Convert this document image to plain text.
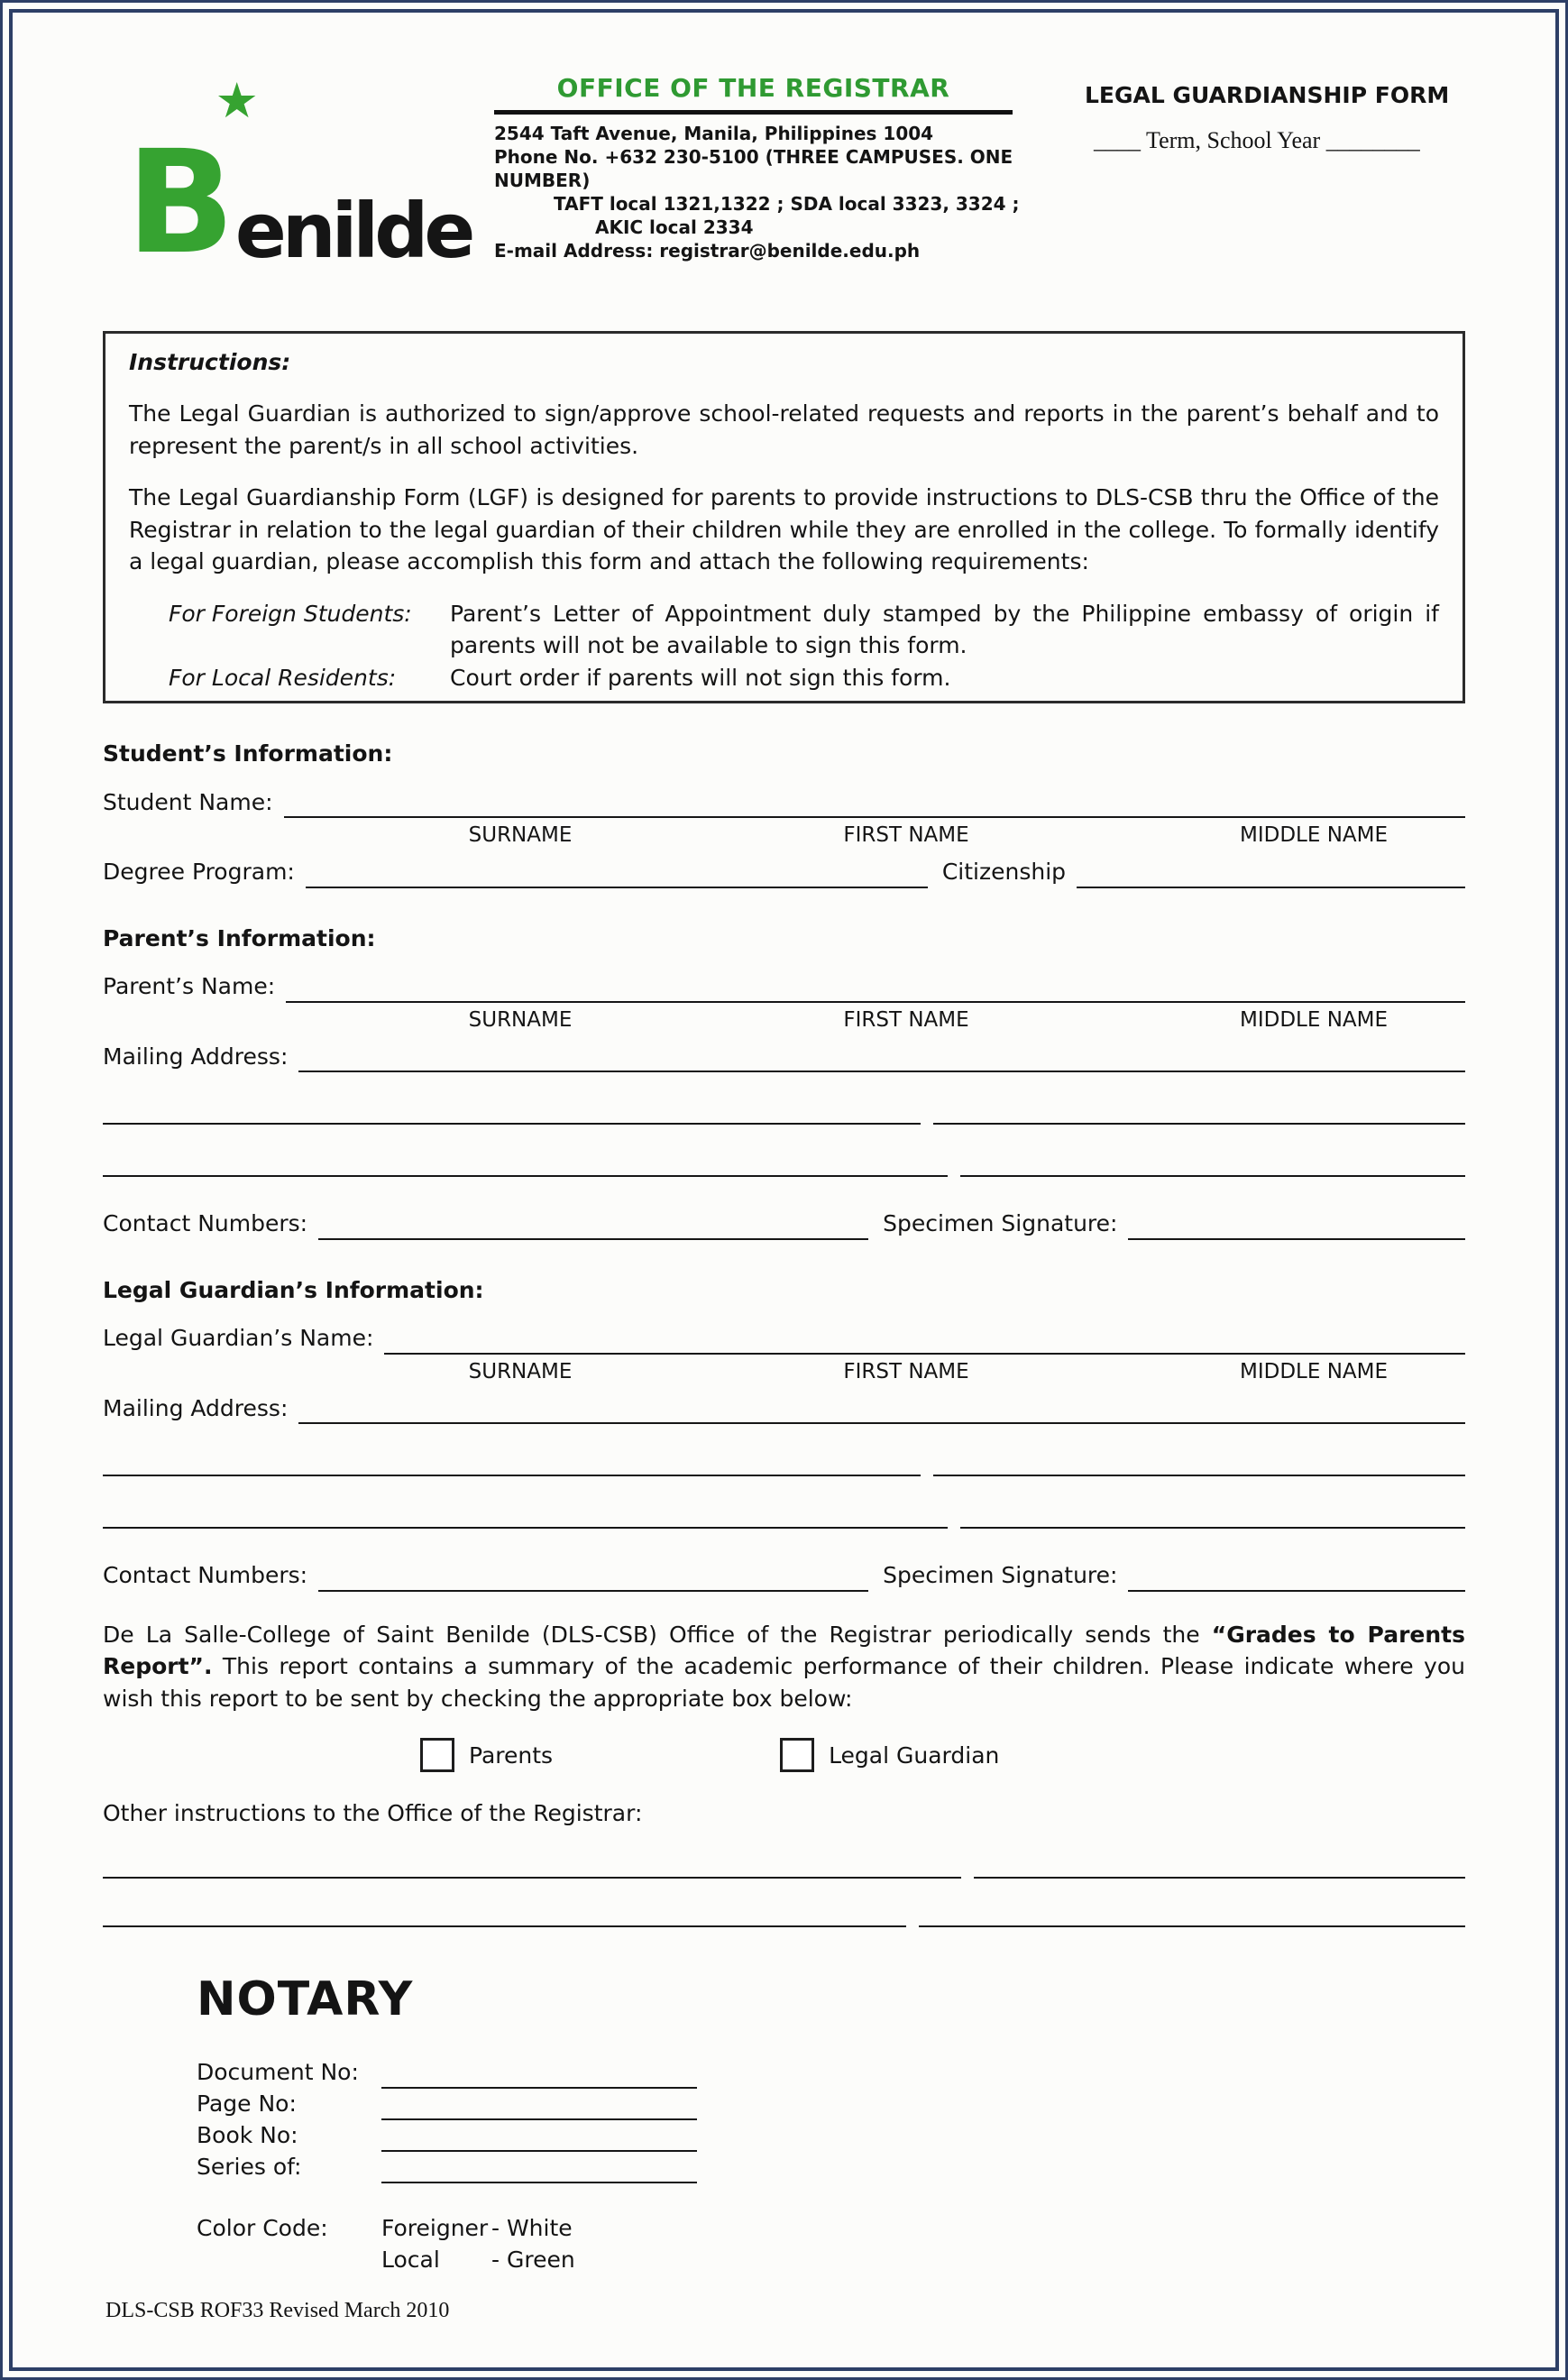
B
★
enilde
OFFICE OF THE REGISTRAR
2544 Taft Avenue, Manila, Philippines 1004
Phone No. +632 230-5100 (THREE CAMPUSES. ONE NUMBER)
TAFT local 1321,1322 ; SDA local 3323, 3324 ;
AKIC local 2334
E-mail Address: registrar@benilde.edu.ph
LEGAL GUARDIANSHIP FORM
____ Term, School Year ________
Instructions:

The Legal Guardian is authorized to sign/approve school-related requests and reports in the parent’s behalf and to represent the parent/s in all school activities.

The Legal Guardianship Form (LGF) is designed for parents to provide instructions to DLS-CSB thru the Office of the Registrar in relation to the legal guardian of their children while they are enrolled in the college. To formally identify a legal guardian, please accomplish this form and attach the following requirements:

For Foreign Students:	Parent’s Letter of Appointment duly stamped by the Philippine embassy of origin if parents will not be available to sign this form.
For Local Residents:	Court order if parents will not sign this form.
Student’s Information:
Student Name:
SURNAME	FIRST NAME	MIDDLE NAME
Degree Program:	Citizenship
Parent’s Information:
Parent’s Name:
SURNAME	FIRST NAME	MIDDLE NAME
Mailing Address:
Contact Numbers:	Specimen Signature:
Legal Guardian’s Information:
Legal Guardian’s Name:
SURNAME	FIRST NAME	MIDDLE NAME
Mailing Address:
Contact Numbers:	Specimen Signature:

De La Salle-College of Saint Benilde (DLS-CSB) Office of the Registrar periodically sends the “Grades to Parents Report”. This report contains a summary of the academic performance of their children. Please indicate where you wish this report to be sent by checking the appropriate box below:

Parents	Legal Guardian
Other instructions to the Office of the Registrar:
NOTARY
Document No:
Page No:
Book No:
Series of:
Color Code:	Foreigner - White
Local	- Green
DLS-CSB ROF33 Revised March 2010
